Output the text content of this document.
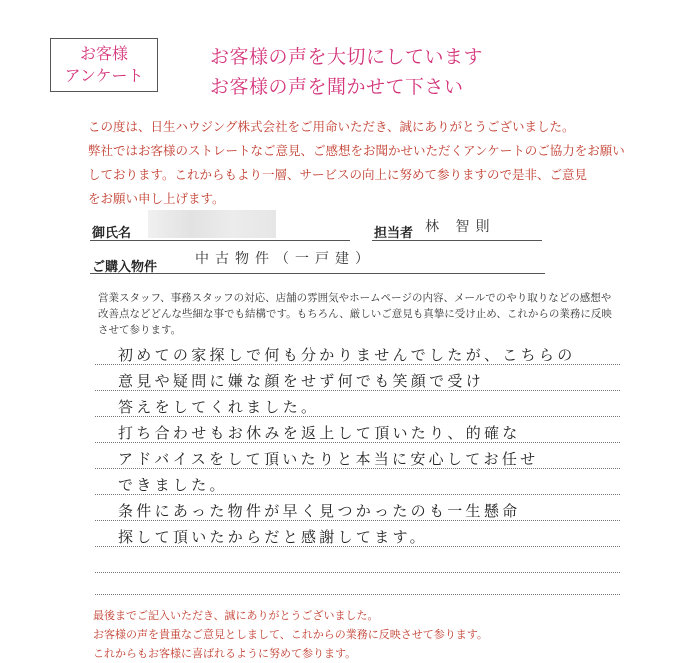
お客様
アンケート
お客様の声を大切にしています
お客様の声を聞かせて下さい
この度は、日生ハウジング株式会社をご用命いただき、誠にありがとうございました。
弊社ではお客様のストレートなご意見、ご感想をお聞かせいただくアンケートのご協力をお願い
しております。これからもより一層、サービスの向上に努めて参りますので是非、ご意見
をお願い申し上げます。
御氏名	担当者 林 智則
ご購入物件
中古物件（一戸建）
営業スタッフ、事務スタッフの対応、店舗の雰囲気やホームページの内容、メールでのやり取りなどの感想や
改善点などどんな些細な事でも結構です。もちろん、厳しいご意見も真摯に受け止め、これからの業務に反映
させて参ります。
初めての家探しで何も分かりませんでしたが、こちらの
意見や疑問に嫌な顔をせず何でも笑顔で受け
答えをしてくれました。
打ち合わせもお休みを返上して頂いたり、的確な
アドバイスをして頂いたりと本当に安心してお任せ
できました。
条件にあった物件が早く見つかったのも一生懸命
探して頂いたからだと感謝してます。
最後までご記入いただき、誠にありがとうございました。
お客様の声を貴重なご意見としまして、これからの業務に反映させて参ります。
これからもお客様に喜ばれるように努めて参ります。
